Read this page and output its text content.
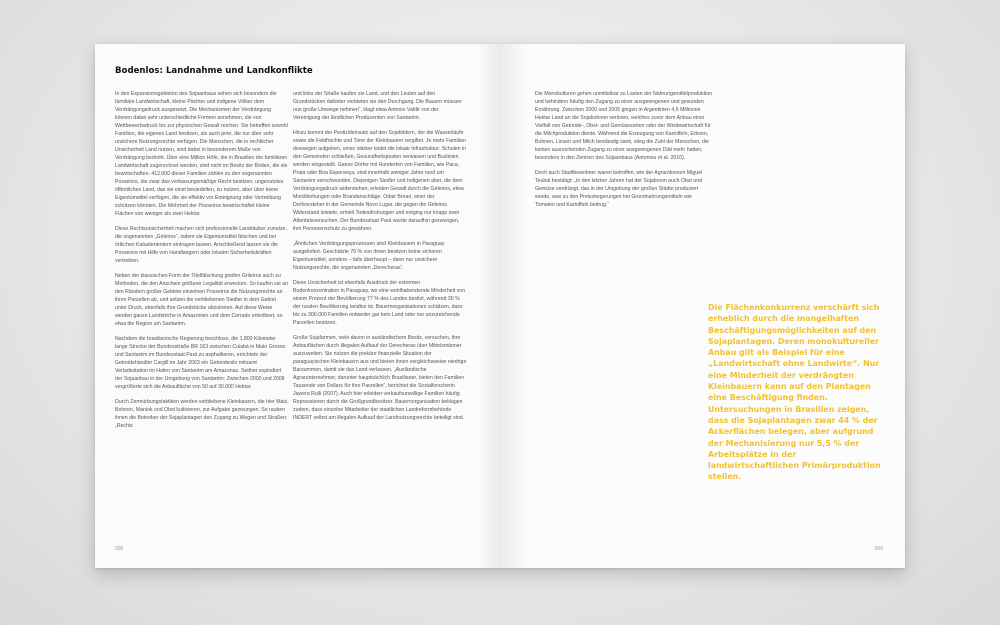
Bodenlos: Landnahme und Landkonflikte

In den Expansionsgebieten des Sojaanbaus sehen sich besonders die familiäre Landwirtschaft, kleine Pächter und indigene Völker dem Verdrängungsdruck ausgesetzt. Die Mechanismen der Verdrängung können dabei sehr unterschiedliche Formen annehmen, die von Wettbewerbsdruck bis zur physischen Gewalt reichen. Sie betreffen sowohl Familien, die eigenes Land besitzen, als auch jene, die nur über sehr unsichere Nutzungsrechte verfügen. Die Menschen, die in rechtlicher Unsicherheit Land nutzen, sind dabei in besonderem Maße von Verdrängung bedroht. Über eine Million Höfe, die in Brasilien der familiären Landwirtschaft zugerechnet werden, sind nicht im Besitz der Böden, die sie bewirtschaften. 412.000 dieser Familien zählen zu den sogenannten Posseiros, die zwar das verfassungsmäßige Recht besitzen, ungenutztes öffentliches Land, das sie einst besiedelten, zu nutzen, aber über keine Eigentumstitel verfügen, die sie effektiv vor Enteignung oder Vertreibung schützen könnten. Die Mehrheit der Posseiros bewirtschaftet kleine Flächen von weniger als zwei Hektar.

Diese Rechtsunsicherheit machen sich professionelle Landräuber zunutze, die sogenannten „Grileiros“, indem sie Eigentumstitel fälschen und bei örtlichen Katasterämtern eintragen lassen. Anschließend lassen sie die Posseiros mit Hilfe von Handlangern oder lokalen Sicherheitskräften vertreiben.

Neben der klassischen Form der Titelfälschung greifen Grileiros auch zu Methoden, die den Anschein größerer Legalität erwecken. So kaufen sie an den Rändern großer Gebiete einzelnen Posseiros die Nutzungsrechte an ihren Parzellen ab, und setzen die verbliebenen Siedler in dem Gebiet unter Druck, ebenfalls ihre Grundstücke abzutreten. Auf diese Weise werden ganze Landstriche in Amazonien und dem Cerrado entvölkert, so etwa die Region um Santarém.

Nachdem die brasilianische Regierung beschloss, die 1.800 Kilometer lange Strecke der Bundesstraße BR 163 zwischen Cuiabá in Mato Grosso und Santarém im Bundesstaat Pará zu asphaltieren, errichtete der Getreidehändler Cargill im Jahr 2003 ein Getreidesilo mitsamt Verladestation im Hafen von Santarém am Amazonas. Seither explodiert der Sojaanbau in der Umgebung von Santarém: Zwischen 2000 und 2008 vergrößerte sich die Anbaufläche von 50 auf 30.000 Hektar.

Durch Zermürbungstaktiken werden verbliebene Kleinbauern, die hier Mais, Bohnen, Maniok und Obst kultivieren, zur Aufgabe gezwungen. So rauben ihnen die Betreiber der Sojaplantagen den Zugang zu Wegen und Straßen: „Rechts

und links der Straße kaufen sie Land, und den Leuten auf den Grundstücken dahinter verbieten sie den Durchgang. Die Bauern müssen nun große Umwege nehmen“, klagt etwa Antonio Valdir von der Vereinigung der ländlichen Produzenten von Santarém.

Hinzu kommt der Pestizideinsatz auf den Sojafeldern, der die Wasserläufe sowie die Feldfrüchte und Tiere der Kleinbauern vergiftet. Je mehr Familien deswegen aufgeben, umso stärker leidet die lokale Infrastruktur: Schulen in den Gemeinden schließen, Gesundheitsposten verwaisen und Buslinien werden eingestellt. Ganze Dörfer mit Hunderten von Familien, wie Paca, Prata oder Boa Esperança, sind innerhalb weniger Jahre rund um Santarém verschwunden. Diejenigen Siedler und Indigenen aber, die dem Verdrängungsdruck widerstehen, erleiden Gewalt durch die Grileiros, etwa Morddrohungen oder Brandanschläge. Odair Borari, einer der Dorfvorsteher in der Gemeinde Novo Lugar, die gegen die Grileiros Widerstand leistete, erhielt Todesdrohungen und entging nur knapp zwei Attentatsversuchen. Der Bundesstaat Pará wurde daraufhin gezwungen, ihm Personenschutz zu gewähren.

„Ähnlichen Verdrängungsprozessen sind Kleinbauern in Paraguay ausgeliefert. Geschätzte 70 % von ihnen besitzen keine sicheren Eigentumstitel, sondern – falls überhaupt – dann nur unsichere Nutzungsrechte, die sogenannten „Derecheras“.

Diese Unsicherheit ist ebenfalls Ausdruck der extremen Bodenkonzentration in Paraguay, wo eine wohlhabendende Minderheit von einem Prozent der Bevölkerung 77 % des Landes besitzt, während 30 % der ruralen Bevölkerung landlos ist. Bauernorganisationen schätzen, dass bis zu 300.000 Familien entweder gar kein Land oder nur unzureichende Parzellen besitzen.

Große Sojafarmen, viele davon in ausländischem Besitz, versuchen, ihre Anbauflächen durch illegalen Aufkauf der Derecheras über Mittelsmänner auszuweiten. Sie nutzen die prekäre finanzielle Situation der paraguayischen Kleinbauern aus und bieten ihnen vergleichsweise niedrige Barsummen, damit sie das Land verlassen. „Ausländische Agrarunternehmer, darunter hauptsächlich Brasilianer, bieten den Familien Tausende von Dollars für ihre Parzellen“, berichtet die Sozialforscherin Jawera Rulli (2007). Auch hier erleiden verkaufsunwillige Familien häufig Repressionen durch die Großgrundbesitzer. Bauernorganisation beklagen zudem, dass einzelne Mitarbeiter der staatlichen Landreformbehörde INDERT selbst am illegalen Aufkauf der Landnutzungsrechte beteiligt sind.

000

Die Monokulturen gehen unmittelbar zu Lasten der Nahrungsmittelproduktion und behindern häufig den Zugang zu einer ausgewogenen und gesunden Ernährung. Zwischen 2000 und 2005 gingen in Argentinien 4,6 Millionen Hektar Land an die Sojabohnen verloren, welches zuvor dem Anbau einer Vielfalt von Getreide-, Obst- und Gemüsesorten oder der Weidewirtschaft für die Milchproduktion diente. Während die Erzeugung von Kartoffeln, Erbsen, Bohnen, Linsen und Milch beständig sank, stieg die Zahl der Menschen, die keinen ausreichenden Zugang zu einer ausgewogenen Diät mehr hatten, besonders in den Zentren des Sojaanbaus (Antoniou et al. 2010).

Doch auch Stadtbewohner waren betroffen, wie der Agrarökonom Miguel Teubal bestätigt: „In den letzten Jahren hat der Sojaboom auch Obst und Gemüse verdrängt, das in der Umgebung der großen Städte produziert wurde, was zu den Preissteigerungen bei Grundnahrungsmitteln wie Tomaten und Kartoffeln beitrug.“

Die Flächenkonkurrenz verschärft sich erheblich durch die mangelhaften Beschäftigungsmöglichkeiten auf den Sojaplantagen. Deren monokultureller Anbau gilt als Beispiel für eine „Landwirtschaft ohne Landwirte“. Nur eine Minderheit der verdrängten Kleinbauern kann auf den Plantagen eine Beschäftigung finden. Untersuchungen in Brasilien zeigen, dass die Sojaplantagen zwar 44 % der Ackerflächen belegen, aber aufgrund der Mechanisierung nur 5,5 % der Arbeitsplätze in der landwirtschaftlichen Primärproduktion stellen.
000
